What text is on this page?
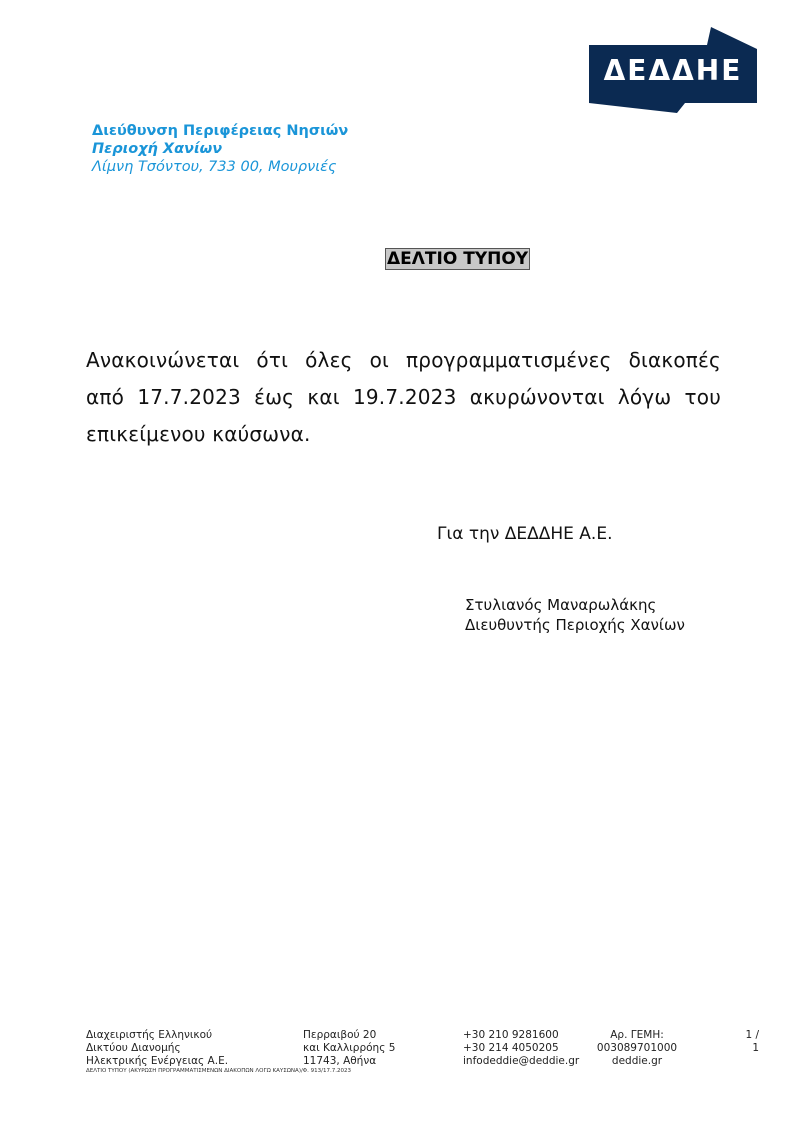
ΔΕΔΔΗΕ
Διεύθυνση Περιφέρειας Νησιών
Περιοχή Χανίων
Λίμνη Τσόντου, 733 00, Μουρνιές
ΔΕΛΤΙΟ ΤΥΠΟΥ
Ανακοινώνεται ότι όλες οι προγραμματισμένες διακοπές
από 17.7.2023 έως και 19.7.2023 ακυρώνονται λόγω του
επικείμενου καύσωνα.
Για την ΔΕΔΔΗΕ Α.Ε.
Στυλιανός Μαναρωλάκης
Διευθυντής Περιοχής Χανίων
Διαχειριστής Ελληνικού
Δικτύου Διανομής
Ηλεκτρικής Ενέργειας Α.Ε.
Περραιβού 20
και Καλλιρρόης 5
11743, Αθήνα
+30 210 9281600
+30 214 4050205
infodeddie@deddie.gr
Αρ. ΓΕΜΗ:
003089701000
deddie.gr
1 /
1
ΔΕΛΤΙΟ ΤΥΠΟΥ (ΑΚΥΡΩΣΗ ΠΡΟΓΡΑΜΜΑΤΙΣΜΕΝΩΝ ΔΙΑΚΟΠΩΝ ΛΟΓΩ ΚΑΥΣΩΝΑ)/Φ. 913/17.7.2023
